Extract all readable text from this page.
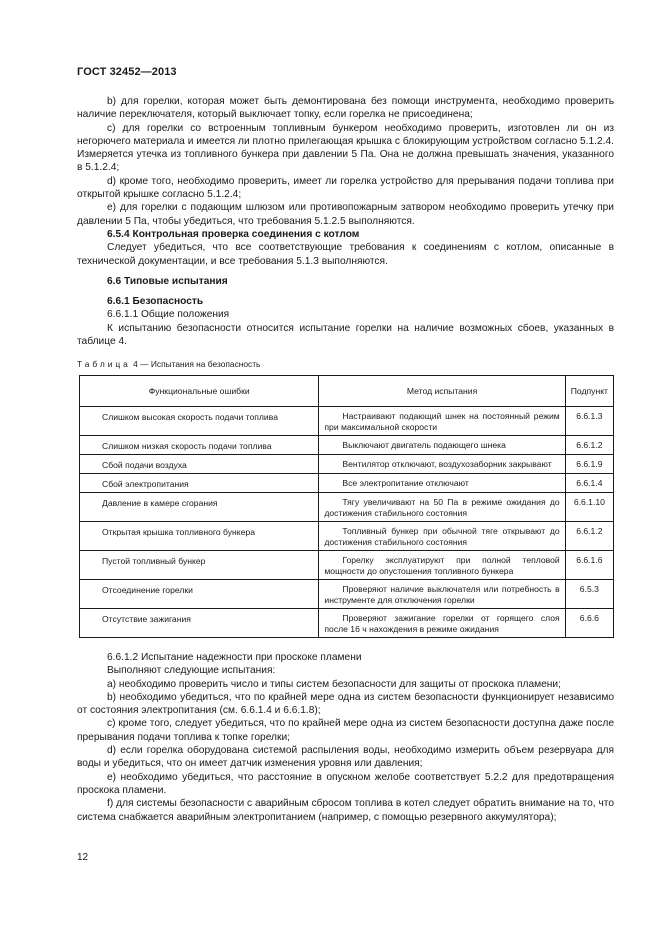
ГОСТ 32452—2013

b) для горелки, которая может быть демонтирована без помощи инструмента, необходимо проверить наличие переключателя, который выключает топку, если горелка не присоединена;

c) для горелки со встроенным топливным бункером необходимо проверить, изготовлен ли он из негорючего материала и имеется ли плотно прилегающая крышка с блокирующим устройством согласно 5.1.2.4. Измеряется утечка из топливного бункера при давлении 5 Па. Она не должна превышать значения, указанного в 5.1.2.4;

d) кроме того, необходимо проверить, имеет ли горелка устройство для прерывания подачи топлива при открытой крышке согласно 5.1.2.4;

e) для горелки с подающим шлюзом или противопожарным затвором необходимо проверить утечку при давлении 5 Па, чтобы убедиться, что требования 5.1.2.5 выполняются.

6.5.4 Контрольная проверка соединения с котлом

Следует убедиться, что все соответствующие требования к соединениям с котлом, описанные в технической документации, и все требования 5.1.3 выполняются.

6.6 Типовые испытания

6.6.1 Безопасность

6.6.1.1 Общие положения

К испытанию безопасности относится испытание горелки на наличие возможных сбоев, указанных в таблице 4.

Таблица 4 — Испытания на безопасность
Функциональные ошибки	Метод испытания	Подпункт
Слишком высокая скорость подачи топлива	Настраивают подающий шнек на постоянный режим при максимальной скорости	6.6.1.3
Слишком низкая скорость подачи топлива	Выключают двигатель подающего шнека	6.6.1.2
Сбой подачи воздуха	Вентилятор отключают, воздухозаборник закрывают	6.6.1.9
Сбой электропитания	Все электропитание отключают	6.6.1.4
Давление в камере сгорания	Тягу увеличивают на 50 Па в режиме ожидания до достижения стабильного состояния	6.6.1.10
Открытая крышка топливного бункера	Топливный бункер при обычной тяге открывают до достижения стабильного состояния	6.6.1.2
Пустой топливный бункер	Горелку эксплуатируют при полной тепловой мощности до опустошения топливного бункера	6.6.1.6
Отсоединение горелки	Проверяют наличие выключателя или потребность в инструменте для отключения горелки	6.5.3
Отсутствие зажигания	Проверяют зажигание горелки от горящего слоя после 16 ч нахождения в режиме ожидания	6.6.6

6.6.1.2 Испытание надежности при проскоке пламени

Выполняют следующие испытания:

a) необходимо проверить число и типы систем безопасности для защиты от проскока пламени;

b) необходимо убедиться, что по крайней мере одна из систем безопасности функционирует независимо от состояния электропитания (см. 6.6.1.4 и 6.6.1.8);

c) кроме того, следует убедиться, что по крайней мере одна из систем безопасности доступна даже после прерывания подачи топлива к топке горелки;

d) если горелка оборудована системой распыления воды, необходимо измерить объем резервуара для воды и убедиться, что он имеет датчик изменения уровня или давления;

e) необходимо убедиться, что расстояние в опускном желобе соответствует 5.2.2 для предотвращения проскока пламени.

f) для системы безопасности с аварийным сбросом топлива в котел следует обратить внимание на то, что система снабжается аварийным электропитанием (например, с помощью резервного аккумулятора);

12
